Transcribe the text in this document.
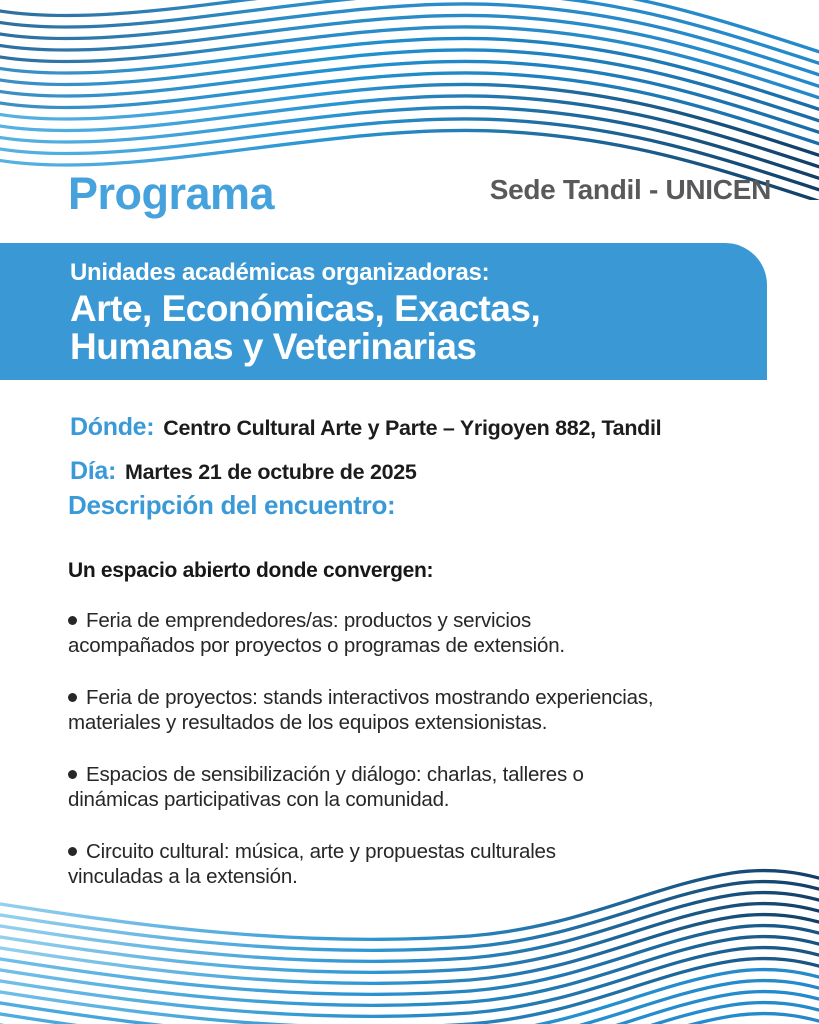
Programa	Sede Tandil - UNICEN
Unidades académicas organizadoras:
Arte, Económicas, Exactas,
Humanas y Veterinarias
Dónde: Centro Cultural Arte y Parte – Yrigoyen 882, Tandil
Día: Martes 21 de octubre de 2025
Descripción del encuentro:
Un espacio abierto donde convergen:
Feria de emprendedores/as: productos y servicios
acompañados por proyectos o programas de extensión.
Feria de proyectos: stands interactivos mostrando experiencias,
materiales y resultados de los equipos extensionistas.
Espacios de sensibilización y diálogo: charlas, talleres o
dinámicas participativas con la comunidad.
Circuito cultural: música, arte y propuestas culturales
vinculadas a la extensión.
